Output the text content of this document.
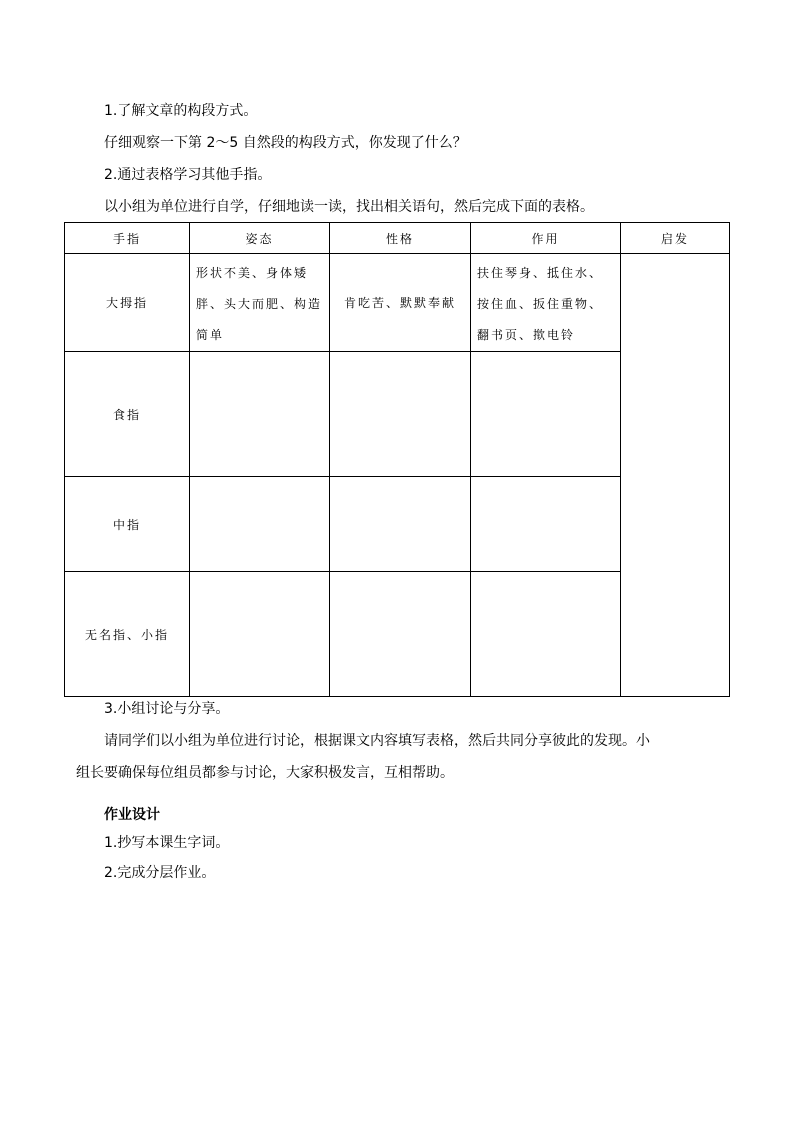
1.了解文章的构段方式。
仔细观察一下第 2～5 自然段的构段方式，你发现了什么？
2.通过表格学习其他手指。
以小组为单位进行自学，仔细地读一读，找出相关语句，然后完成下面的表格。
手指	姿态	性格	作用	启发
大拇指	形状不美、身体矮胖、头大而肥、构造简单	肯吃苦、默默奉献	扶住琴身、抵住水、按住血、扳住重物、翻书页、揿电铃	

食指				
中指				
无名指、小指				
3.小组讨论与分享。
请同学们以小组为单位进行讨论，根据课文内容填写表格，然后共同分享彼此的发现。小
组长要确保每位组员都参与讨论，大家积极发言，互相帮助。
作业设计
1.抄写本课生字词。
2.完成分层作业。
